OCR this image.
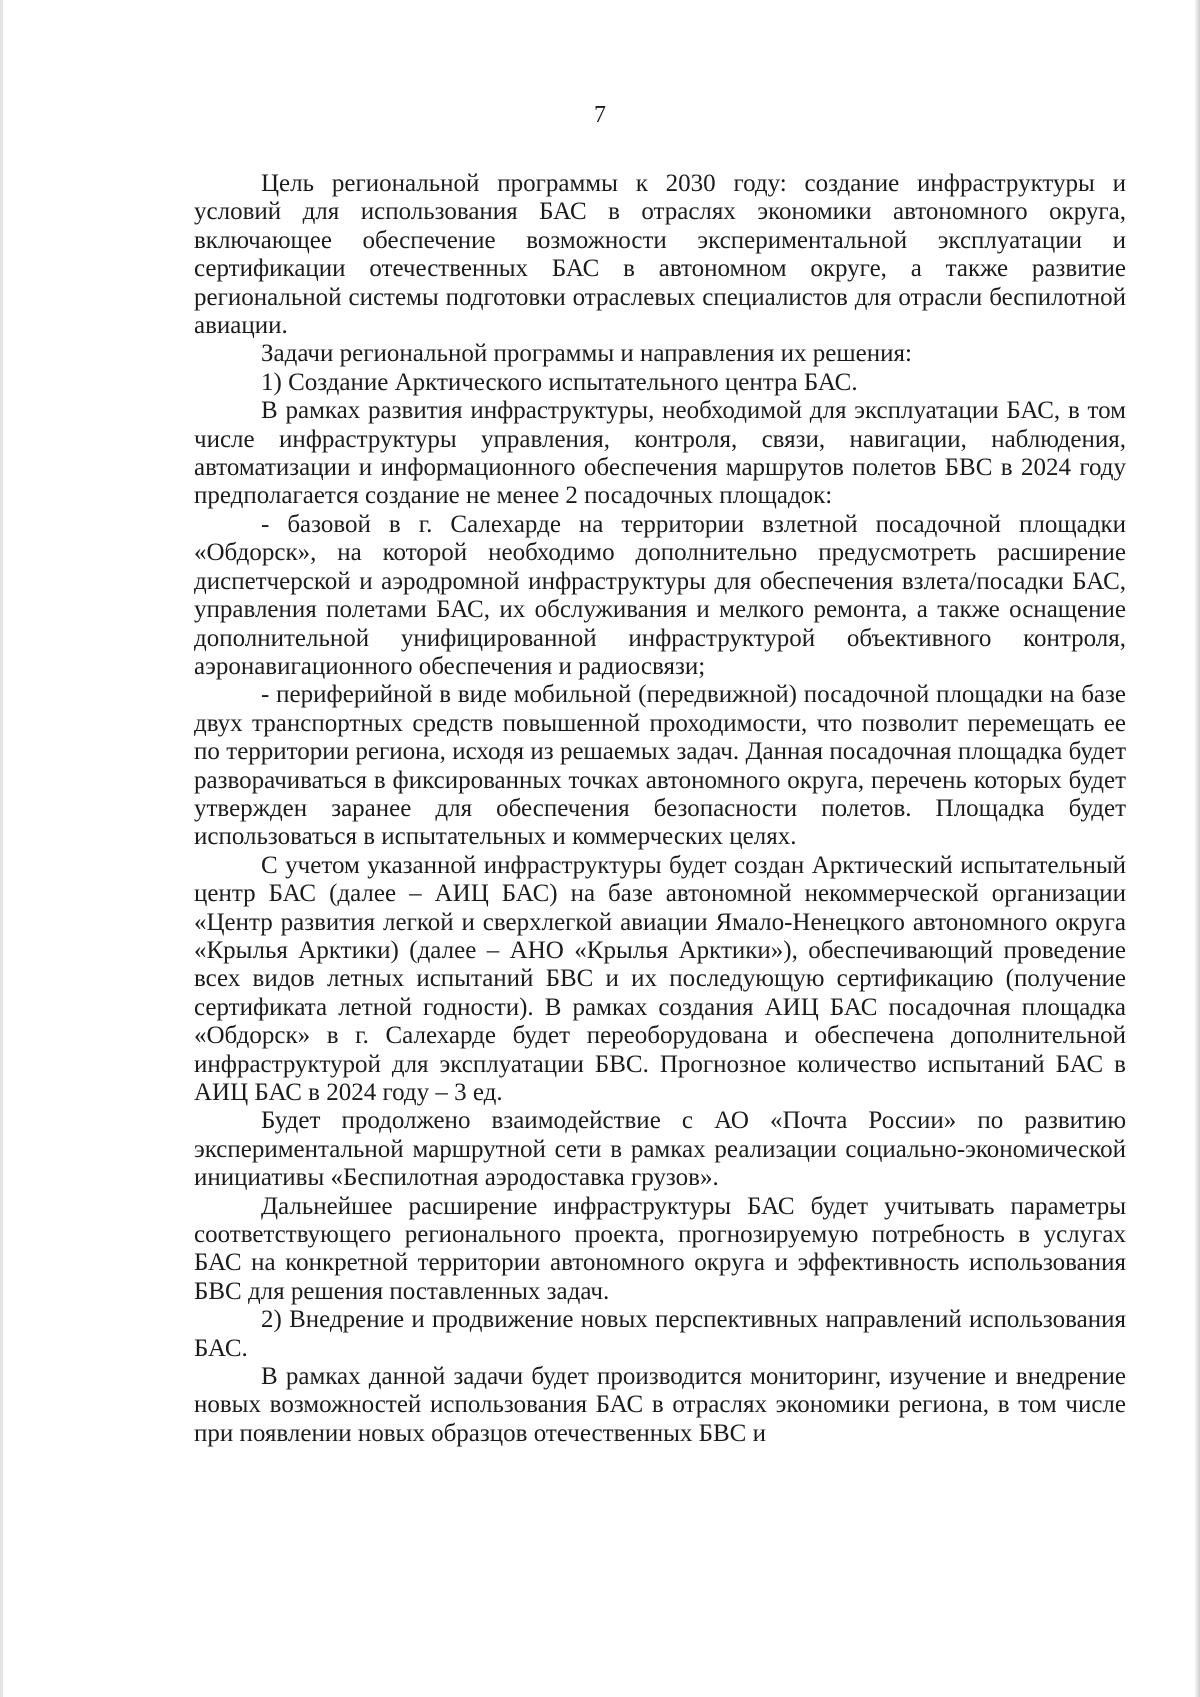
7

Цель региональной программы к 2030 году: создание инфраструктуры и условий для использования БАС в отраслях экономики автономного округа, включающее обеспечение возможности экспериментальной эксплуатации и сертификации отечественных БАС в автономном округе, а также развитие региональной системы подготовки отраслевых специалистов для отрасли беспилотной авиации.

Задачи региональной программы и направления их решения:

1) Создание Арктического испытательного центра БАС.

В рамках развития инфраструктуры, необходимой для эксплуатации БАС, в том числе инфраструктуры управления, контроля, связи, навигации, наблюдения, автоматизации и информационного обеспечения маршрутов полетов БВС в 2024 году предполагается создание не менее 2 посадочных площадок:

- базовой в г. Салехарде на территории взлетной посадочной площадки «Обдорск», на которой необходимо дополнительно предусмотреть расширение диспетчерской и аэродромной инфраструктуры для обеспечения взлета/посадки БАС, управления полетами БАС, их обслуживания и мелкого ремонта, а также оснащение дополнительной унифицированной инфраструктурой объективного контроля, аэронавигационного обеспечения и радиосвязи;

- периферийной в виде мобильной (передвижной) посадочной площадки на базе двух транспортных средств повышенной проходимости, что позволит перемещать ее по территории региона, исходя из решаемых задач. Данная посадочная площадка будет разворачиваться в фиксированных точках автономного округа, перечень которых будет утвержден заранее для обеспечения безопасности полетов. Площадка будет использоваться в испытательных и коммерческих целях.

С учетом указанной инфраструктуры будет создан Арктический испытательный центр БАС (далее – АИЦ БАС) на базе автономной некоммерческой организации «Центр развития легкой и сверхлегкой авиации Ямало-Ненецкого автономного округа «Крылья Арктики) (далее – АНО «Крылья Арктики»), обеспечивающий проведение всех видов летных испытаний БВС и их последующую сертификацию (получение сертификата летной годности). В рамках создания АИЦ БАС посадочная площадка «Обдорск» в г. Салехарде будет переоборудована и обеспечена дополнительной инфраструктурой для эксплуатации БВС. Прогнозное количество испытаний БАС в АИЦ БАС в 2024 году – 3 ед.

Будет продолжено взаимодействие с АО «Почта России» по развитию экспериментальной маршрутной сети в рамках реализации социально-экономической инициативы «Беспилотная аэродоставка грузов».

Дальнейшее расширение инфраструктуры БАС будет учитывать параметры соответствующего регионального проекта, прогнозируемую потребность в услугах БАС на конкретной территории автономного округа и эффективность использования БВС для решения поставленных задач.

2) Внедрение и продвижение новых перспективных направлений использования БАС.

В рамках данной задачи будет производится мониторинг, изучение и внедрение новых возможностей использования БАС в отраслях экономики региона, в том числе при появлении новых образцов отечественных БВС и
